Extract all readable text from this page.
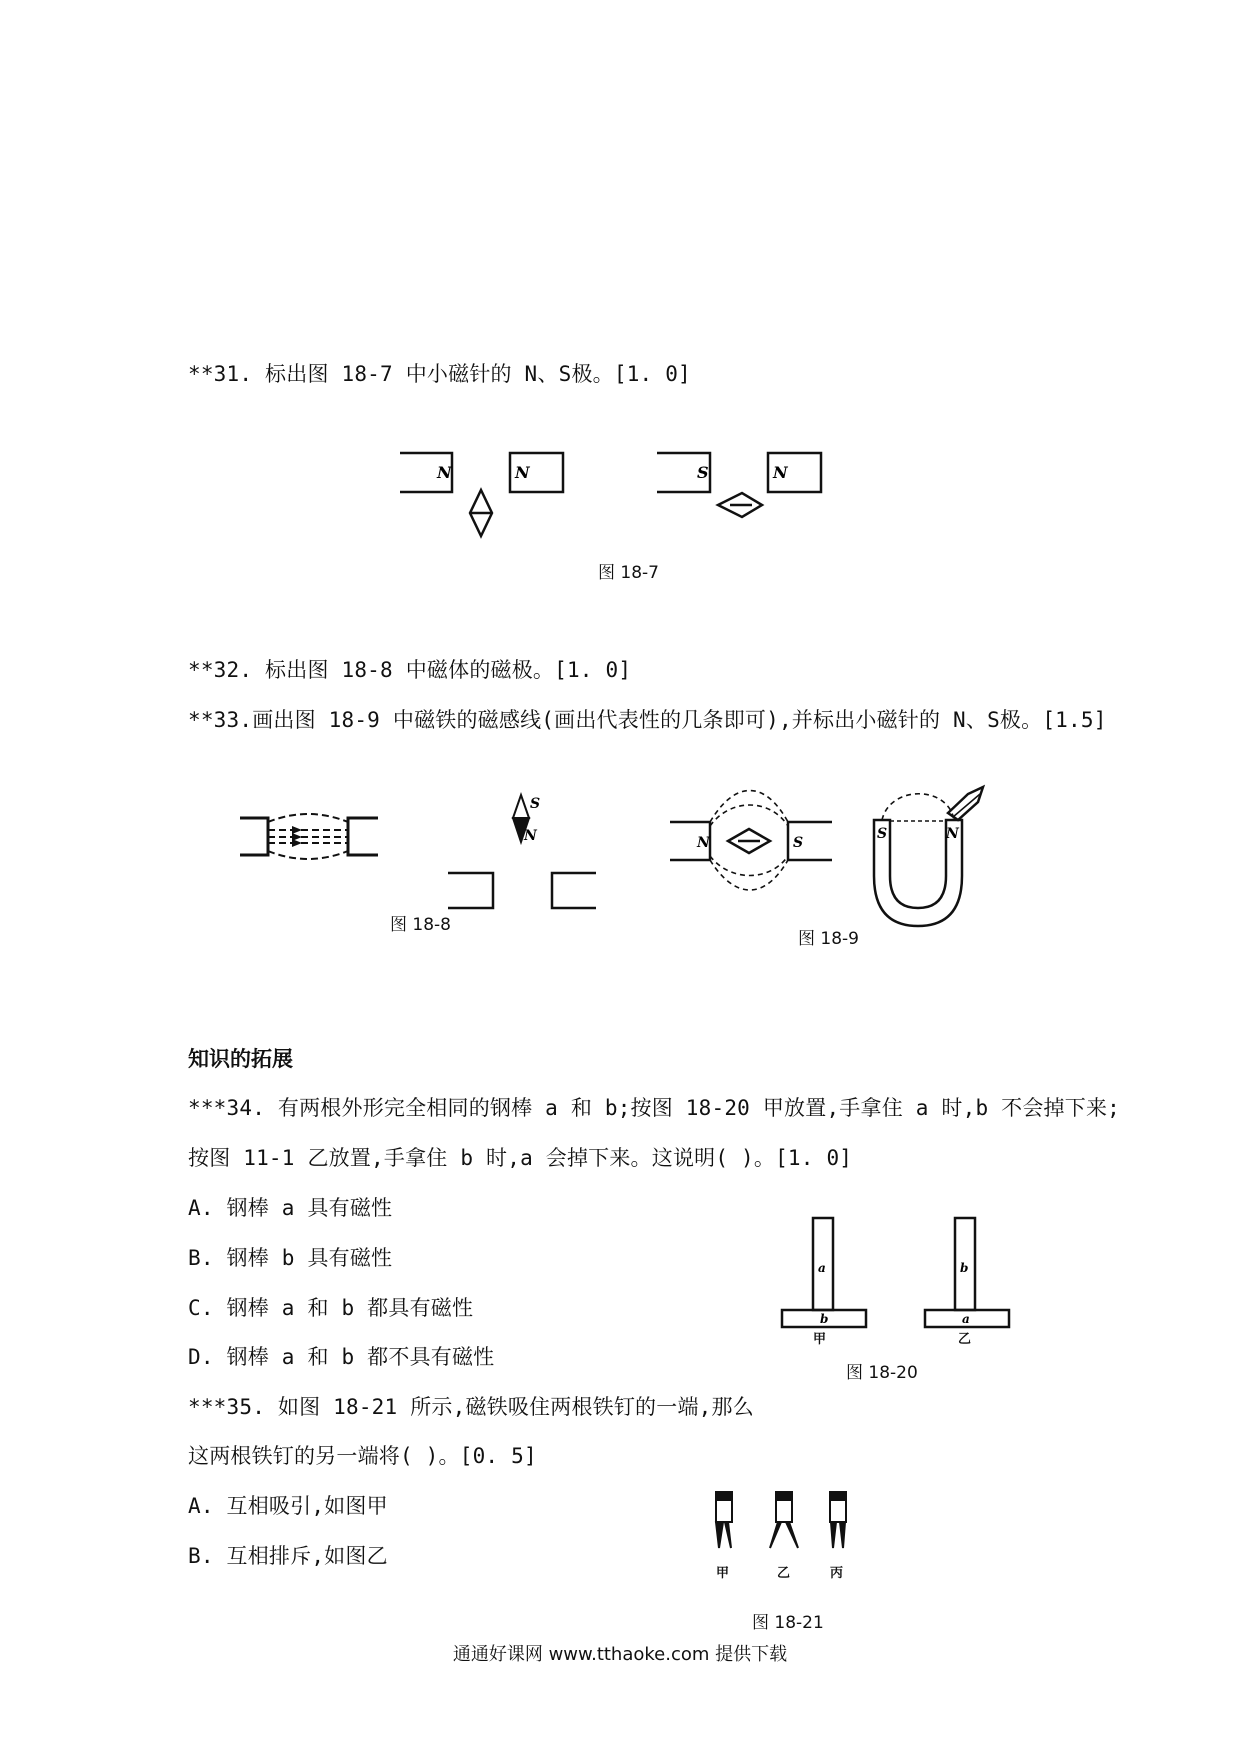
**31. 标出图 18-7 中小磁针的 N、S极。[1. 0]
N	N	S	N
图 18-7
**32. 标出图 18-8 中磁体的磁极。[1. 0]
**33.画出图 18-9 中磁铁的磁感线(画出代表性的几条即可),并标出小磁针的 N、S极。[1.5]
S
N
图 18-8
N	S
S	N
图 18-9
知识的拓展
***34. 有两根外形完全相同的钢棒 a 和 b;按图 18-20 甲放置,手拿住 a 时,b 不会掉下来;
按图 11-1 乙放置,手拿住 b 时,a 会掉下来。这说明( )。[1. 0]
A. 钢棒 a 具有磁性
B. 钢棒 b 具有磁性
C. 钢棒 a 和 b 都具有磁性
D. 钢棒 a 和 b 都不具有磁性
a
b
b
a
甲	乙
图 18-20
***35. 如图 18-21 所示,磁铁吸住两根铁钉的一端,那么
这两根铁钉的另一端将( )。[0. 5]
A. 互相吸引,如图甲
B. 互相排斥,如图乙
甲	乙	丙
图 18-21
通通好课网 www.tthaoke.com 提供下载
